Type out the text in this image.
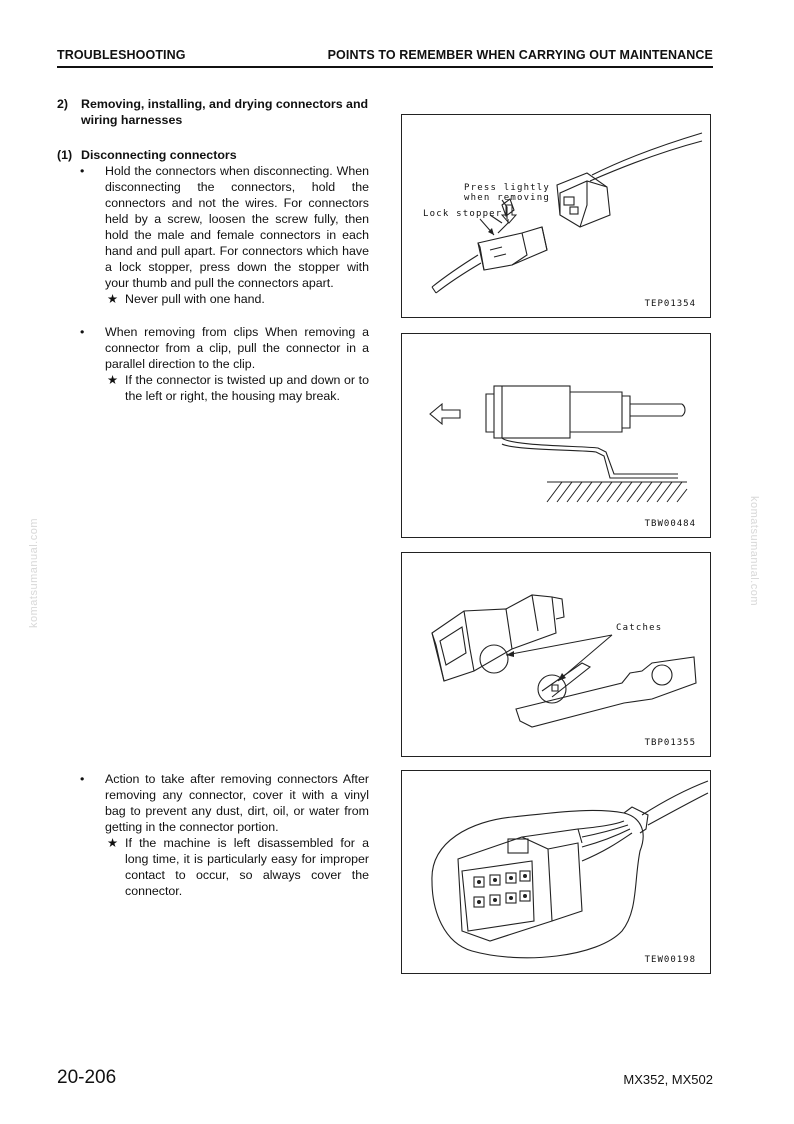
TROUBLESHOOTING	POINTS TO REMEMBER WHEN CARRYING OUT MAINTENANCE
komatsumanual.com	komatsumanual.com
2)	Removing, installing, and drying connectors and wiring harnesses
(1) Disconnecting connectors
•	Hold the connectors when disconnecting. When disconnecting the connectors, hold the connectors and not the wires. For connectors held by a screw, loosen the screw fully, then hold the male and female connectors in each hand and pull apart. For connectors which have a lock stopper, press down the stopper with your thumb and pull the connectors apart.
★ Never pull with one hand.
•	When removing from clips When removing a connector from a clip, pull the connector in a parallel direction to the clip.
★ If the connector is twisted up and down or to the left or right, the housing may break.
•	Action to take after removing connectors After removing any connector, cover it with a vinyl bag to prevent any dust, dirt, oil, or water from getting in the connector portion.
★ If the machine is left disassembled for a long time, it is particularly easy for improper contact to occur, so always cover the connector.
Press lightly when removing
Lock stopper
TEP01354
TBW00484
Catches
TBP01355
TEW00198
20-206	MX352, MX502
